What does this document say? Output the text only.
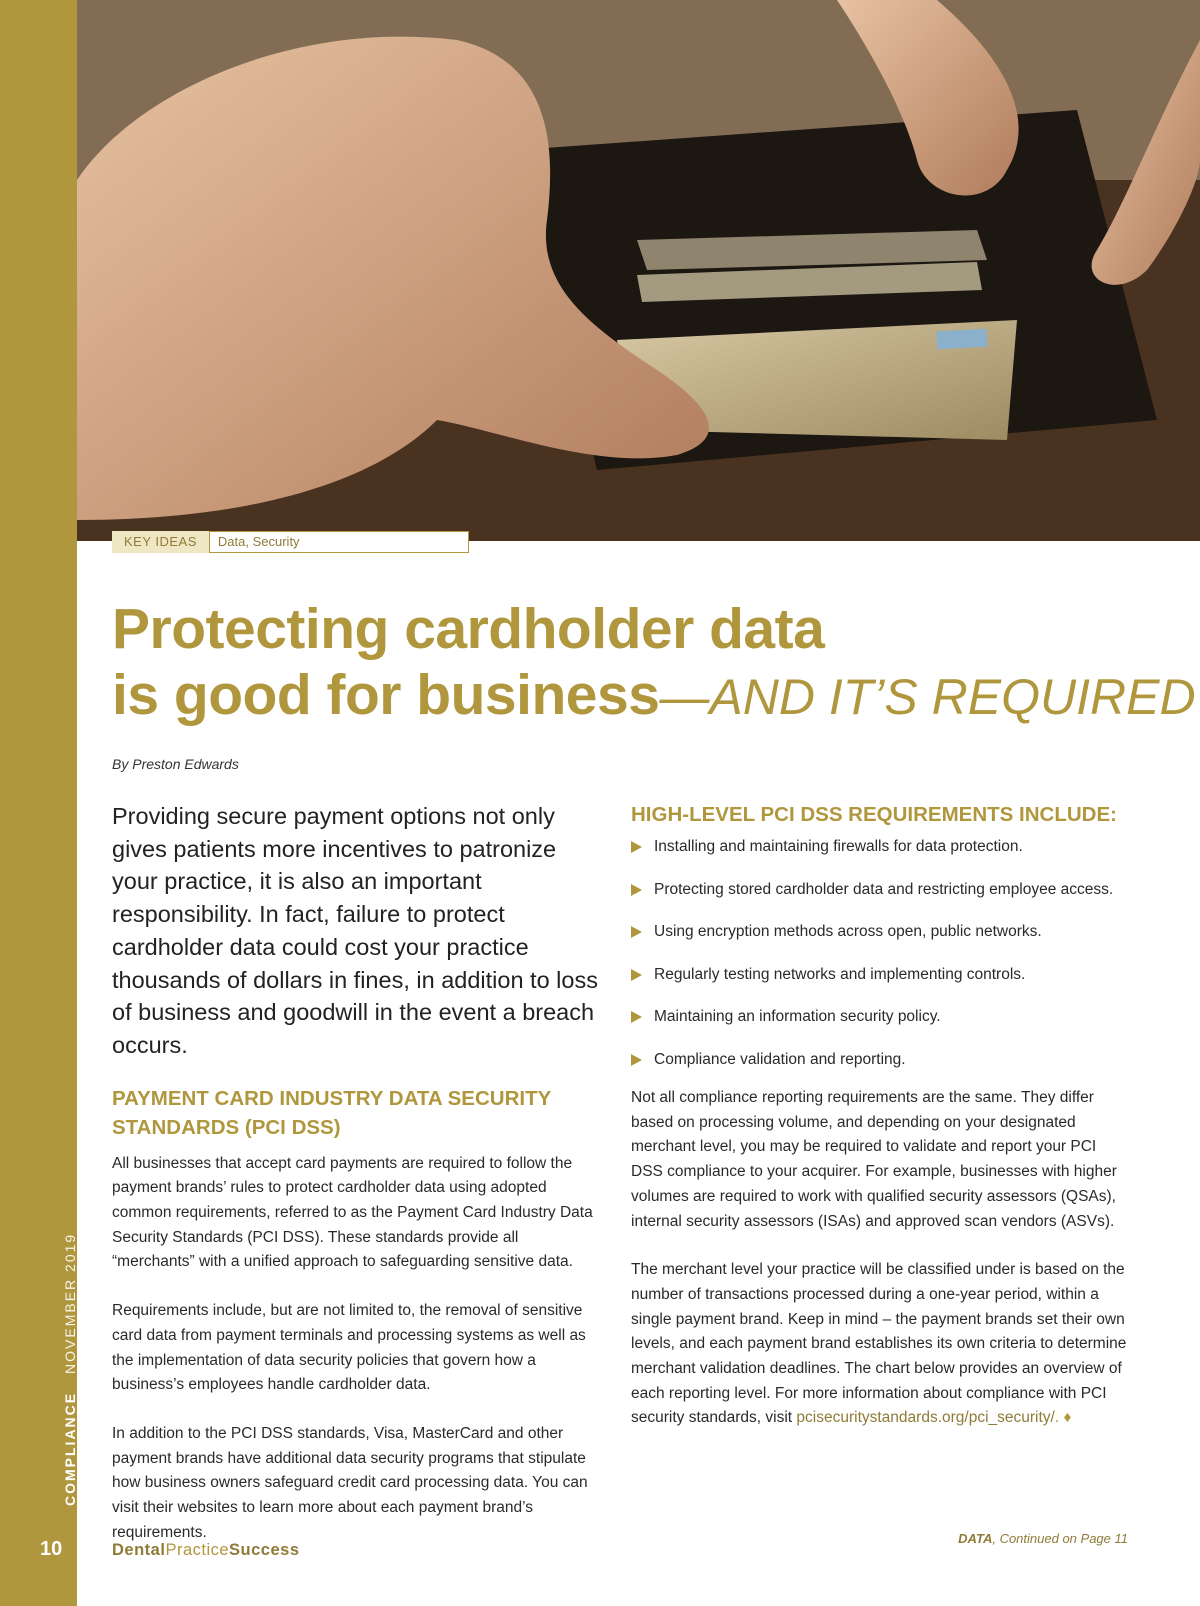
COMPLIANCE NOVEMBER 2019
10
KEY IDEAS	Data, Security
Protecting cardholder data
is good for business—AND IT’S REQUIRED
By Preston Edwards

Providing secure payment options not only gives patients more incentives to patronize your practice, it is also an important responsibility. In fact, failure to protect cardholder data could cost your practice thousands of dollars in fines, in addition to loss of business and goodwill in the event a breach occurs.

PAYMENT CARD INDUSTRY DATA SECURITY STANDARDS (PCI DSS)

All businesses that accept card payments are required to follow the payment brands’ rules to protect cardholder data using adopted common requirements, referred to as the Payment Card Industry Data Security Standards (PCI DSS). These standards provide all “merchants” with a unified approach to safeguarding sensitive data.

Requirements include, but are not limited to, the removal of sensitive card data from payment terminals and processing systems as well as the implementation of data security policies that govern how a business’s employees handle cardholder data.

In addition to the PCI DSS standards, Visa, MasterCard and other payment brands have additional data security programs that stipulate how business owners safeguard credit card processing data. You can visit their websites to learn more about each payment brand’s requirements.

HIGH-LEVEL PCI DSS REQUIREMENTS INCLUDE:
Installing and maintaining firewalls for data protection.
Protecting stored cardholder data and restricting employee access.
Using encryption methods across open, public networks.
Regularly testing networks and implementing controls.
Maintaining an information security policy.
Compliance validation and reporting.

Not all compliance reporting requirements are the same. They differ based on processing volume, and depending on your designated merchant level, you may be required to validate and report your PCI DSS compliance to your acquirer. For example, businesses with higher volumes are required to work with qualified security assessors (QSAs), internal security assessors (ISAs) and approved scan vendors (ASVs).

The merchant level your practice will be classified under is based on the number of transactions processed during a one-year period, within a single payment brand. Keep in mind – the payment brands set their own levels, and each payment brand establishes its own criteria to determine merchant validation deadlines. The chart below provides an overview of each reporting level. For more information about compliance with PCI security standards, visit pcisecuritystandards.org/pci_security/. ♦

DATA, Continued on Page 11
DentalPracticeSuccess
